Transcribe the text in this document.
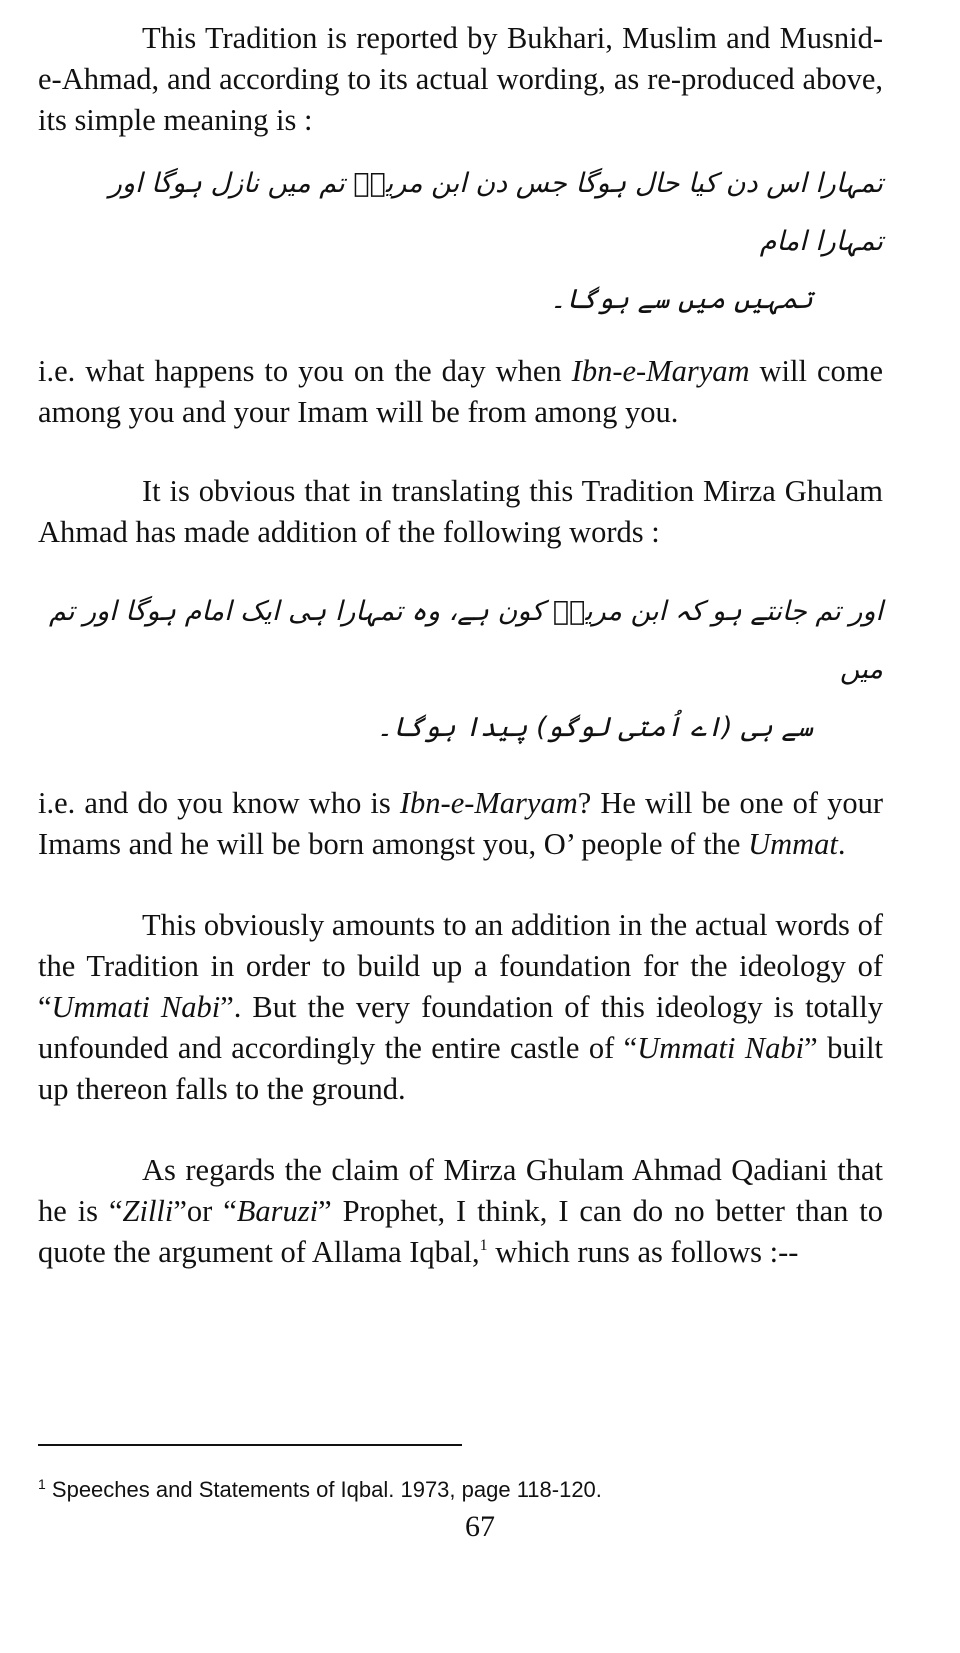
This Tradition is reported by Bukhari, Muslim and Musnid-e-Ahmad, and according to its actual wording, as re-produced above, its simple meaning is :

تمہارا اس دن کیا حال ہوگا جس دن ابن مریمؑ تم میں نازل ہوگا اور تمہارا امام
تمہیں میں سے ہوگا۔

i.e. what happens to you on the day when Ibn-e-Maryam will come among you and your Imam will be from among you.

It is obvious that in translating this Tradition Mirza Ghulam Ahmad has made addition of the following words :

اور تم جانتے ہو کہ ابن مریمؑ کون ہے، وہ تمہارا ہی ایک امام ہوگا اور تم میں
سے ہی (اے اُمتی لوگو) پیدا ہوگا۔

i.e. and do you know who is Ibn-e-Maryam? He will be one of your Imams and he will be born amongst you, O’ people of the Ummat.

This obviously amounts to an addition in the actual words of the Tradition in order to build up a foundation for the ideology of “Ummati Nabi”. But the very foundation of this ideology is totally unfounded and accordingly the entire castle of “Ummati Nabi” built up thereon falls to the ground.

As regards the claim of Mirza Ghulam Ahmad Qadiani that he is “Zilli”or “Baruzi” Prophet, I think, I can do no better than to quote the argument of Allama Iqbal,$^1$ which runs as follows :--

$^1$ Speeches and Statements of Iqbal. 1973, page 118-120.

67
